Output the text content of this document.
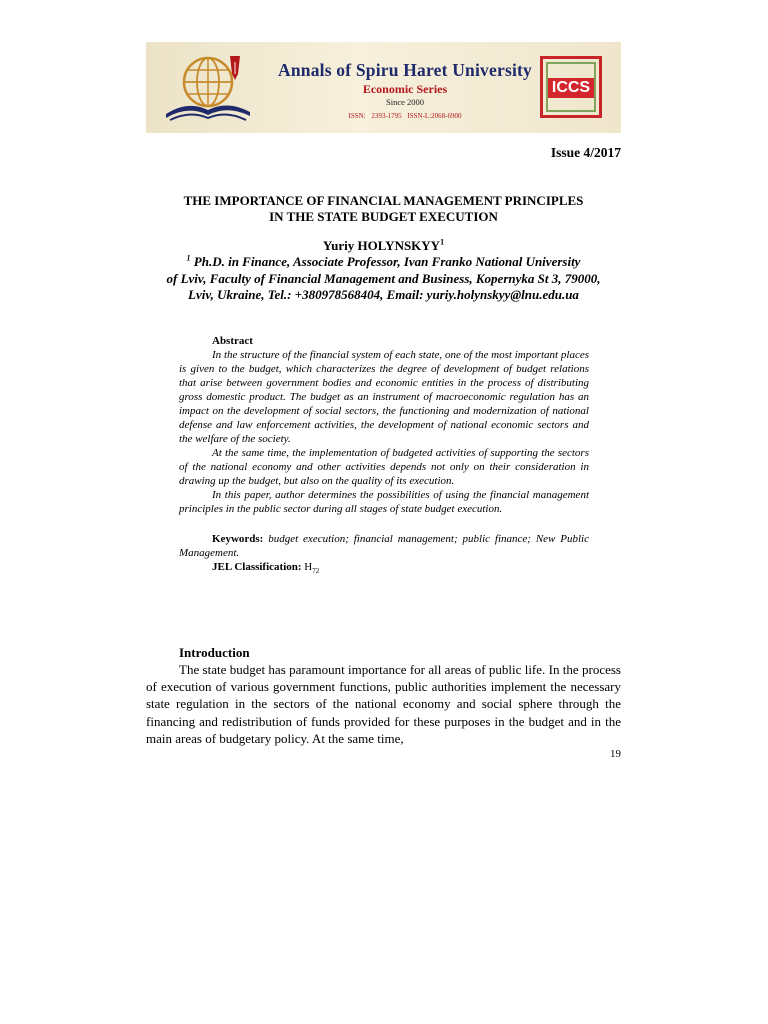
Annals of Spiru Haret University
Economic Series
Since 2000
ISSN: 2393-1795 ISSN-L:2068-6900
ICCS
Issue 4/2017
THE IMPORTANCE OF FINANCIAL MANAGEMENT PRINCIPLES
IN THE STATE BUDGET EXECUTION
Yuriy HOLYNSKYY$^1$
$^1$ Ph.D. in Finance, Associate Professor, Ivan Franko National University
of Lviv, Faculty of Financial Management and Business, Kopernyka St 3, 79000,
Lviv, Ukraine, Tel.: +380978568404, Email: yuriy.holynskyy@lnu.edu.ua
Abstract

In the structure of the financial system of each state, one of the most important places is given to the budget, which characterizes the degree of development of budget relations that arise between government bodies and economic entities in the process of distributing gross domestic product. The budget as an instrument of macroeconomic regulation has an impact on the development of social sectors, the functioning and modernization of national defense and law enforcement activities, the development of national economic sectors and the welfare of the society.

At the same time, the implementation of budgeted activities of supporting the sectors of the national economy and other activities depends not only on their consideration in drawing up the budget, but also on the quality of its execution.

In this paper, author determines the possibilities of using the financial management principles in the public sector during all stages of state budget execution.

Keywords: budget execution; financial management; public finance; New Public Management.

JEL Classification: $H_{72}$

Introduction

The state budget has paramount importance for all areas of public life. In the process of execution of various government functions, public authorities implement the necessary state regulation in the sectors of the national economy and social sphere through the financing and redistribution of funds provided for these purposes in the budget and in the main areas of budgetary policy. At the same time,

19
